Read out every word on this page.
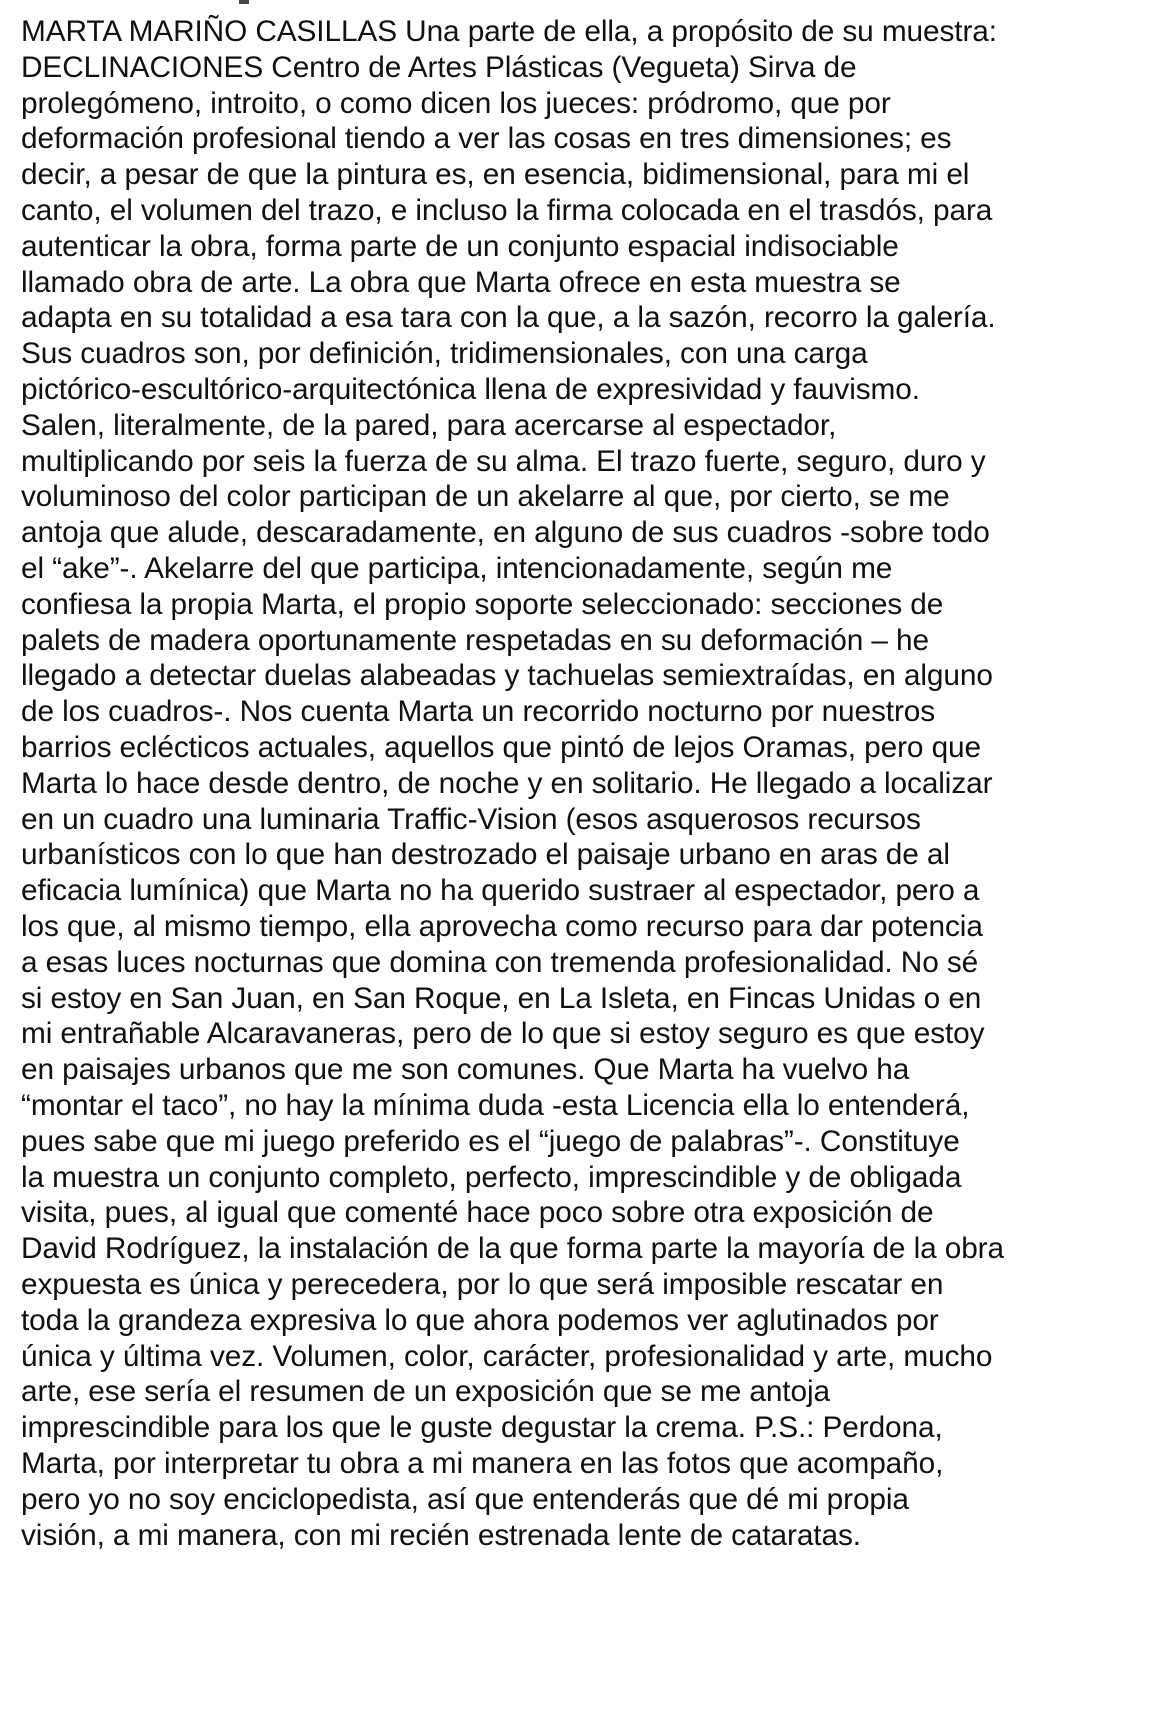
MARTA MARIÑO CASILLAS Una parte de ella, a propósito de su muestra:
DECLINACIONES Centro de Artes Plásticas (Vegueta) Sirva de
prolegómeno, introito, o como dicen los jueces: pródromo, que por
deformación profesional tiendo a ver las cosas en tres dimensiones; es
decir, a pesar de que la pintura es, en esencia, bidimensional, para mi el
canto, el volumen del trazo, e incluso la firma colocada en el trasdós, para
autenticar la obra, forma parte de un conjunto espacial indisociable
llamado obra de arte. La obra que Marta ofrece en esta muestra se
adapta en su totalidad a esa tara con la que, a la sazón, recorro la galería.
Sus cuadros son, por definición, tridimensionales, con una carga
pictórico-escultórico-arquitectónica llena de expresividad y fauvismo.
Salen, literalmente, de la pared, para acercarse al espectador,
multiplicando por seis la fuerza de su alma. El trazo fuerte, seguro, duro y
voluminoso del color participan de un akelarre al que, por cierto, se me
antoja que alude, descaradamente, en alguno de sus cuadros -sobre todo
el “ake”-. Akelarre del que participa, intencionadamente, según me
confiesa la propia Marta, el propio soporte seleccionado: secciones de
palets de madera oportunamente respetadas en su deformación – he
llegado a detectar duelas alabeadas y tachuelas semiextraídas, en alguno
de los cuadros-. Nos cuenta Marta un recorrido nocturno por nuestros
barrios eclécticos actuales, aquellos que pintó de lejos Oramas, pero que
Marta lo hace desde dentro, de noche y en solitario. He llegado a localizar
en un cuadro una luminaria Traffic-Vision (esos asquerosos recursos
urbanísticos con lo que han destrozado el paisaje urbano en aras de al
eficacia lumínica) que Marta no ha querido sustraer al espectador, pero a
los que, al mismo tiempo, ella aprovecha como recurso para dar potencia
a esas luces nocturnas que domina con tremenda profesionalidad. No sé
si estoy en San Juan, en San Roque, en La Isleta, en Fincas Unidas o en
mi entrañable Alcaravaneras, pero de lo que si estoy seguro es que estoy
en paisajes urbanos que me son comunes. Que Marta ha vuelvo ha
“montar el taco”, no hay la mínima duda -esta Licencia ella lo entenderá,
pues sabe que mi juego preferido es el “juego de palabras”-. Constituye
la muestra un conjunto completo, perfecto, imprescindible y de obligada
visita, pues, al igual que comenté hace poco sobre otra exposición de
David Rodríguez, la instalación de la que forma parte la mayoría de la obra
expuesta es única y perecedera, por lo que será imposible rescatar en
toda la grandeza expresiva lo que ahora podemos ver aglutinados por
única y última vez. Volumen, color, carácter, profesionalidad y arte, mucho
arte, ese sería el resumen de un exposición que se me antoja
imprescindible para los que le guste degustar la crema. P.S.: Perdona,
Marta, por interpretar tu obra a mi manera en las fotos que acompaño,
pero yo no soy enciclopedista, así que entenderás que dé mi propia
visión, a mi manera, con mi recién estrenada lente de cataratas.
